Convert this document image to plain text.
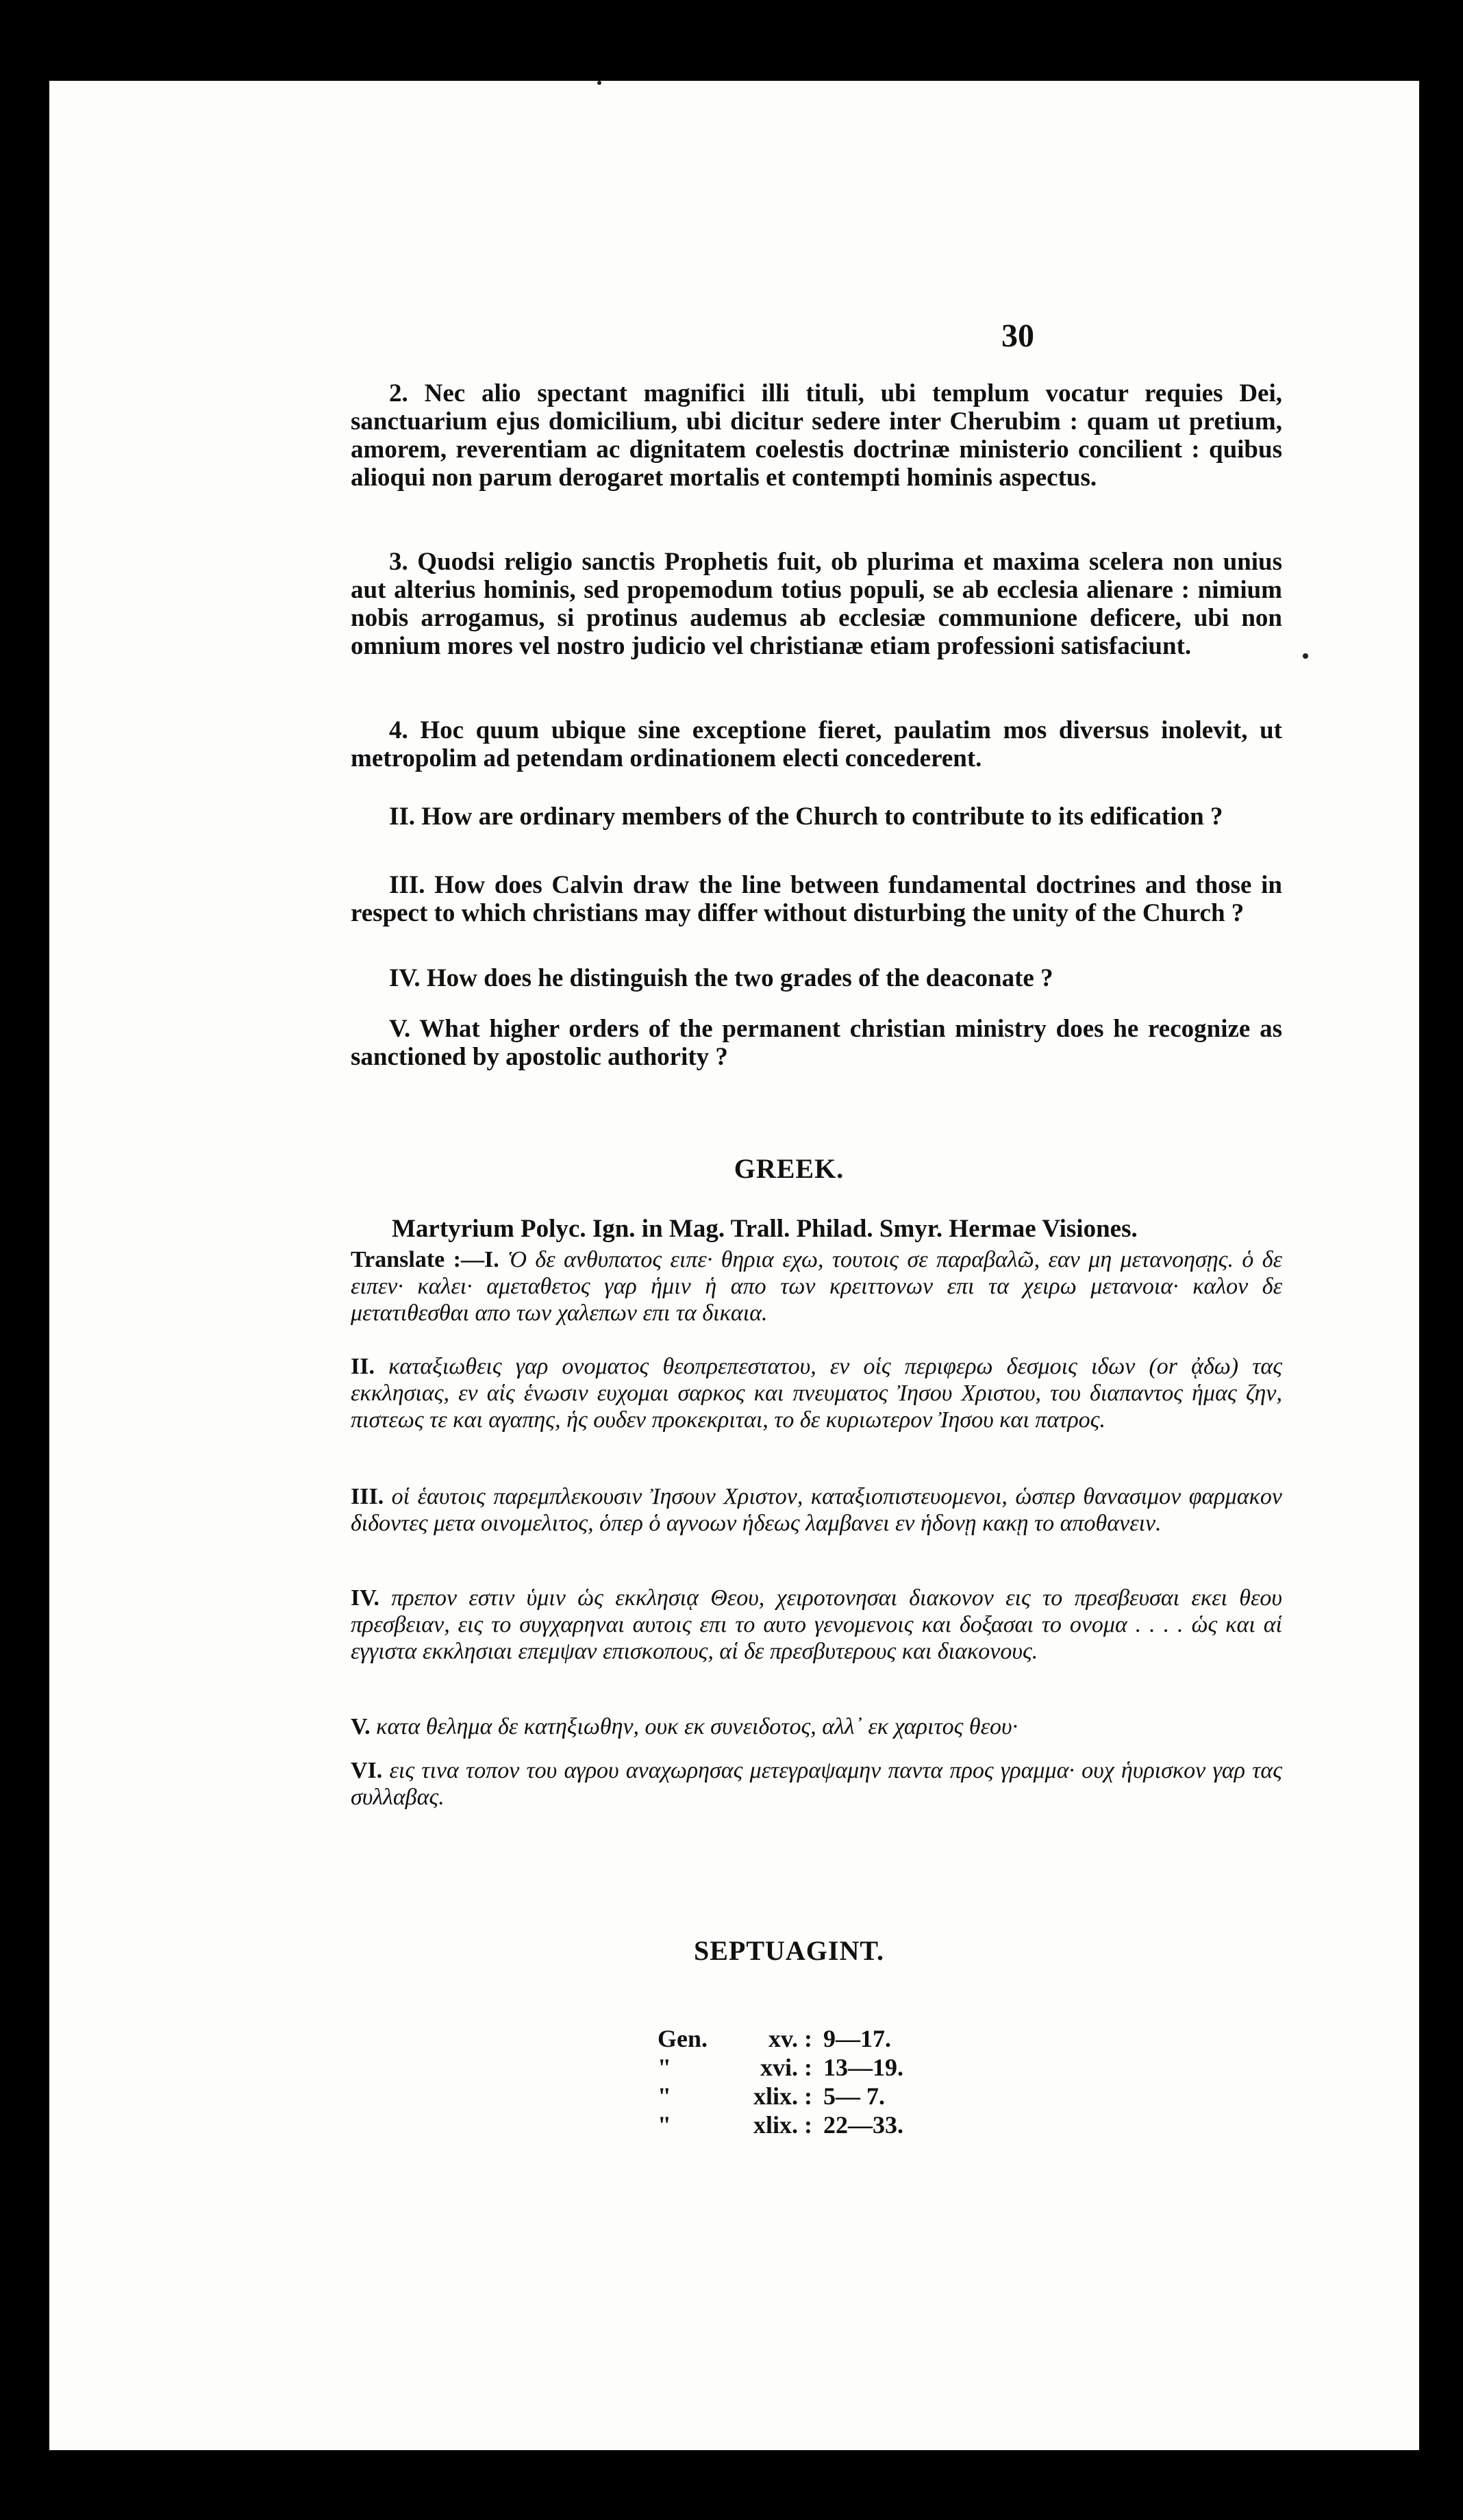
30
2. Nec alio spectant magnifici illi tituli, ubi templum vocatur requies Dei, sanctuarium ejus domicilium, ubi dicitur sedere inter Cherubim : quam ut pretium, amorem, reverentiam ac dignitatem coelestis doctrinæ ministerio concilient : quibus alioqui non parum derogaret mortalis et contempti hominis aspectus.
3. Quodsi religio sanctis Prophetis fuit, ob plurima et maxima scelera non unius aut alterius hominis, sed propemodum totius populi, se ab ecclesia alienare : nimium nobis arrogamus, si protinus audemus ab ecclesiæ communione deficere, ubi non omnium mores vel nostro judicio vel christianæ etiam professioni satisfaciunt.
4. Hoc quum ubique sine exceptione fieret, paulatim mos diversus inolevit, ut metropolim ad petendam ordinationem electi concederent.
II. How are ordinary members of the Church to contribute to its edification ?
III. How does Calvin draw the line between fundamental doctrines and those in respect to which christians may differ without disturbing the unity of the Church ?
IV. How does he distinguish the two grades of the deaconate ?
V. What higher orders of the permanent christian ministry does he recognize as sanctioned by apostolic authority ?
GREEK.
Martyrium Polyc. Ign. in Mag. Trall. Philad. Smyr. Hermae Visiones.
Translate :—I. Ὁ δε ανθυπατος ειπε· θηρια εχω, τουτοις σε παραβαλῶ, εαν μη μετανοησῃς. ὁ δε ειπεν· καλει· αμεταθετος γαρ ἡμιν ἡ απο των κρειττονων επι τα χειρω μετανοια· καλον δε μετατιθεσθαι απο των χαλεπων επι τα δικαια.
II. καταξιωθεις γαρ ονοματος θεοπρεπεστατου, εν οἱς περιφερω δεσμοις ιδων (or ᾀδω) τας εκκλησιας, εν αἱς ἑνωσιν ευχομαι σαρκος και πνευματος Ἰησου Χριστου, του διαπαντος ἡμας ζην, πιστεως τε και αγαπης, ἡς ουδεν προκεκριται, το δε κυριωτερον Ἰησου και πατρος.
III. οἱ ἑαυτοις παρεμπλεκουσιν Ἰησουν Χριστον, καταξιοπιστευομενοι, ὡσπερ θανασιμον φαρμακον διδοντες μετα οινομελιτος, ὁπερ ὁ αγνοων ἡδεως λαμβανει εν ἡδονῃ κακῃ το αποθανειν.
IV. πρεπον εστιν ὑμιν ὡς εκκλησιᾳ Θεου, χειροτονησαι διακονον εις το πρεσβευσαι εκει θεου πρεσβειαν, εις το συγχαρηναι αυτοις επι το αυτο γενομενοις και δοξασαι το ονομα . . . . ὡς και αἱ εγγιστα εκκλησιαι επεμψαν επισκοπους, αἱ δε πρεσβυτερους και διακονους.
V. κατα θελημα δε κατηξιωθην, ουκ εκ συνειδοτος, αλλ᾽ εκ χαριτος θεου·
VI. εις τινα τοπον του αγρου αναχωρησας μετεγραψαμην παντα προς γραμμα· ουχ ἡυρισκον γαρ τας συλλαβας.
SEPTUAGINT.
Gen.	xv. :	9—17.
"	xvi. :	13—19.
"	xlix. :	5— 7.
"	xlix. :	22—33.
